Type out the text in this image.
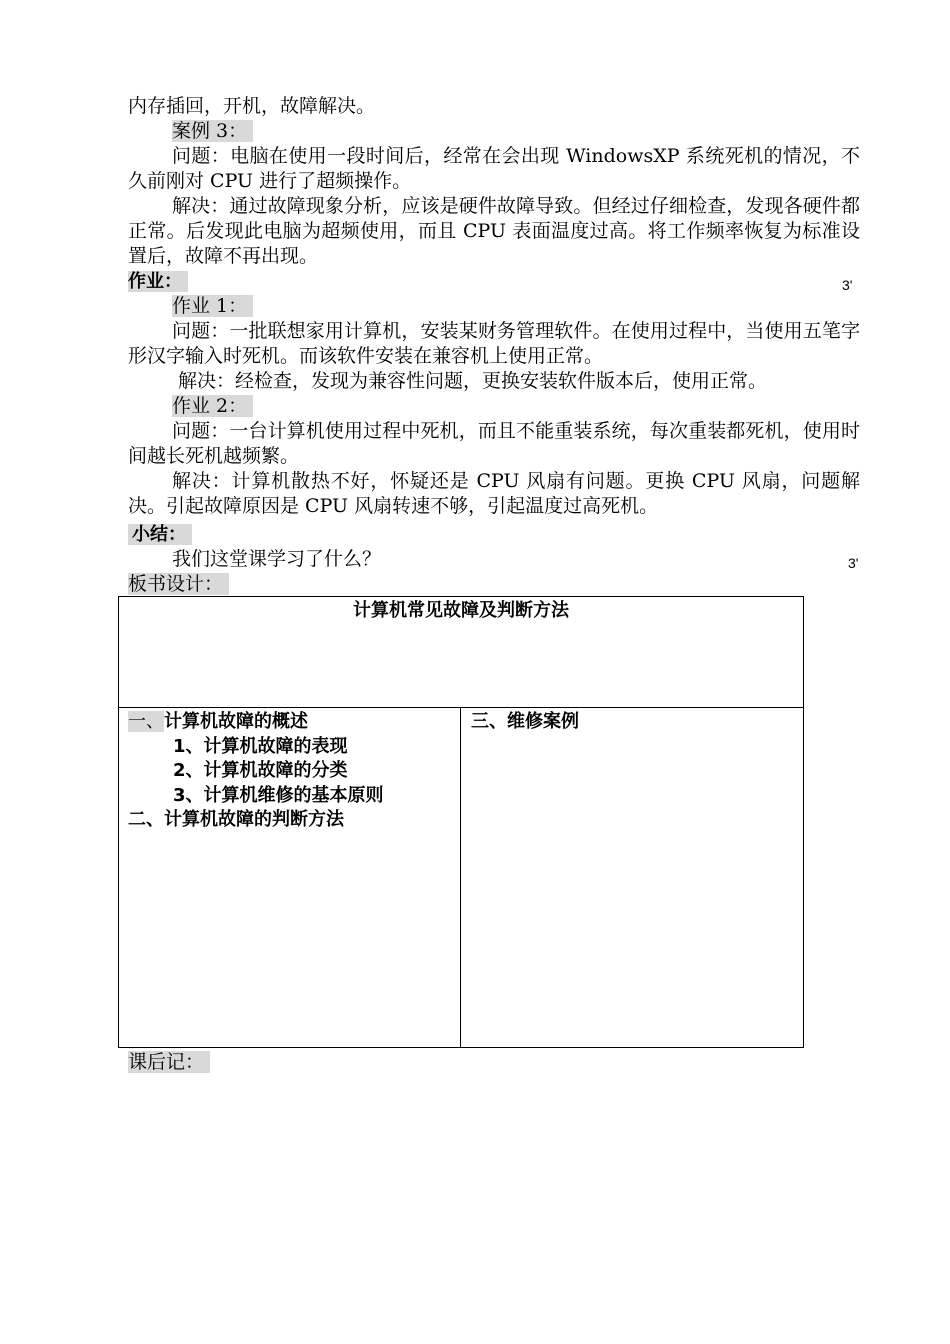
内存插回，开机，故障解决。

案例 3：

问题：电脑在使用一段时间后，经常在会出现 WindowsXP 系统死机的情况，不久前刚对 CPU 进行了超频操作。

解决：通过故障现象分析，应该是硬件故障导致。但经过仔细检查，发现各硬件都正常。后发现此电脑为超频使用，而且 CPU 表面温度过高。将工作频率恢复为标准设置后，故障不再出现。

作业：	3'

作业 1：

问题：一批联想家用计算机，安装某财务管理软件。在使用过程中，当使用五笔字形汉字输入时死机。而该软件安装在兼容机上使用正常。

解决：经检查，发现为兼容性问题，更换安装软件版本后，使用正常。

作业 2：

问题：一台计算机使用过程中死机，而且不能重装系统，每次重装都死机，使用时间越长死机越频繁。

解决：计算机散热不好，怀疑还是 CPU 风扇有问题。更换 CPU 风扇，问题解决。引起故障原因是 CPU 风扇转速不够，引起温度过高死机。

小结：

我们这堂课学习了什么？	3'

板书设计：

计算机常见故障及判断方法

一、计算机故障的概述

1、计算机故障的表现

2、计算机故障的分类

3、计算机维修的基本原则

二、计算机故障的判断方法

三、维修案例

课后记：
